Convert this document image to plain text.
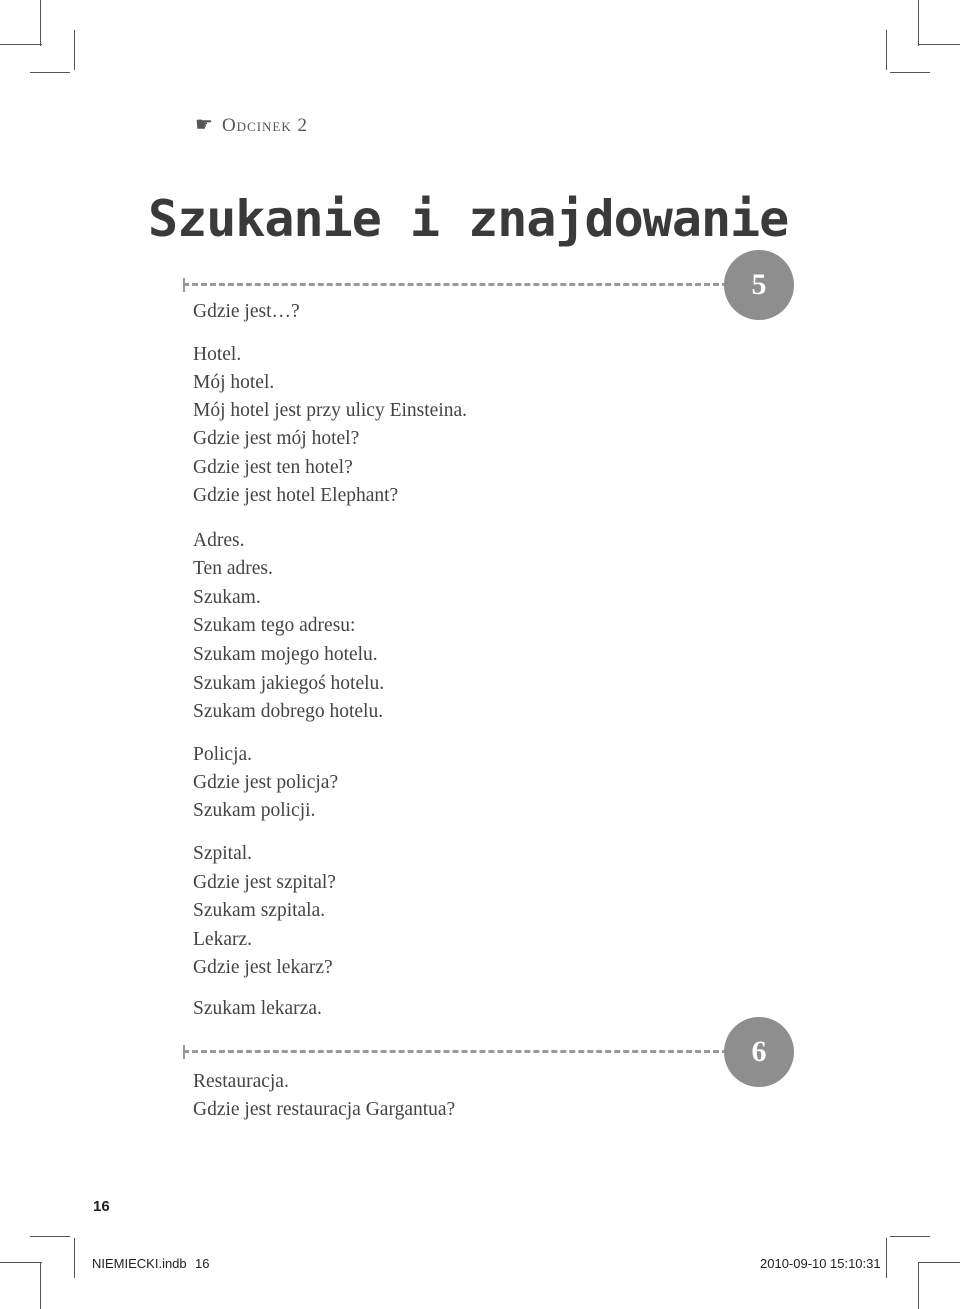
☛ Odcinek 2
Szukanie i znajdowanie
5
6
Gdzie jest…?
Hotel.
Mój hotel.
Mój hotel jest przy ulicy Einsteina.
Gdzie jest mój hotel?
Gdzie jest ten hotel?
Gdzie jest hotel Elephant?
Adres.
Ten adres.
Szukam.
Szukam tego adresu:
Szukam mojego hotelu.
Szukam jakiegoś hotelu.
Szukam dobrego hotelu.
Policja.
Gdzie jest policja?
Szukam policji.
Szpital.
Gdzie jest szpital?
Szukam szpitala.
Lekarz.
Gdzie jest lekarz?
Szukam lekarza.
Restauracja.
Gdzie jest restauracja Gargantua?
16
NIEMIECKI.indb 16	2010-09-10 15:10:31
